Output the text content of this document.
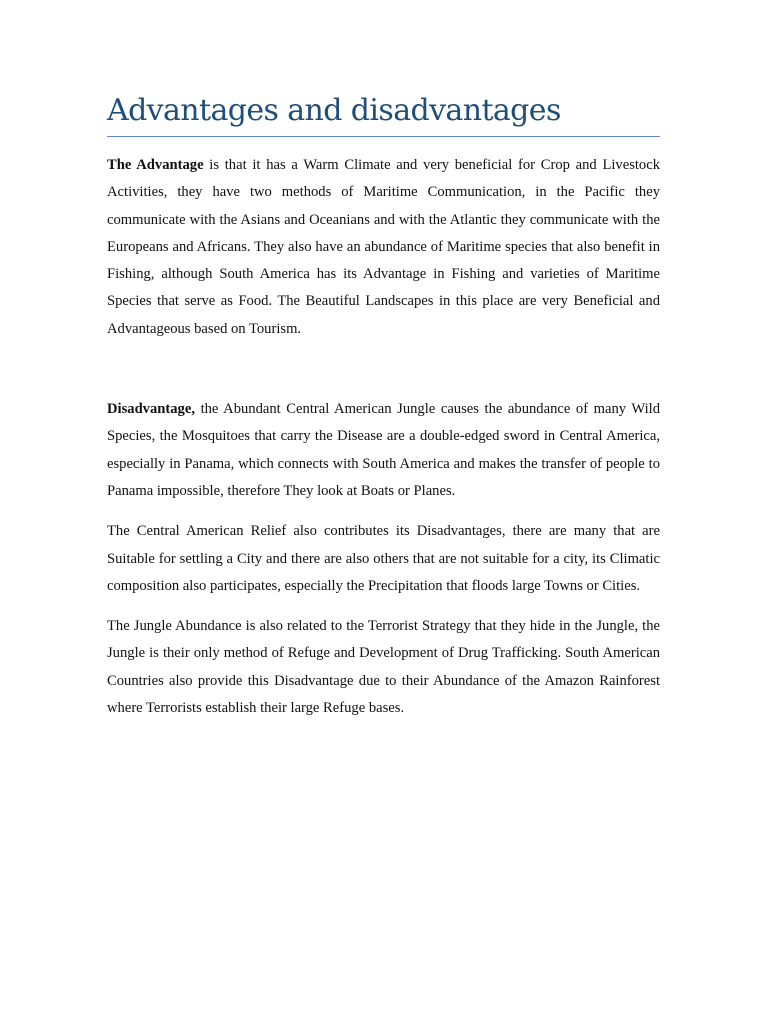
Advantages and disadvantages

The Advantage is that it has a Warm Climate and very beneficial for Crop and Livestock Activities, they have two methods of Maritime Communication, in the Pacific they communicate with the Asians and Oceanians and with the Atlantic they communicate with the Europeans and Africans. They also have an abundance of Maritime species that also benefit in Fishing, although South America has its Advantage in Fishing and varieties of Maritime Species that serve as Food. The Beautiful Landscapes in this place are very Beneficial and Advantageous based on Tourism.

Disadvantage, the Abundant Central American Jungle causes the abundance of many Wild Species, the Mosquitoes that carry the Disease are a double-edged sword in Central America, especially in Panama, which connects with South America and makes the transfer of people to Panama impossible, therefore They look at Boats or Planes.

The Central American Relief also contributes its Disadvantages, there are many that are Suitable for settling a City and there are also others that are not suitable for a city, its Climatic composition also participates, especially the Precipitation that floods large Towns or Cities.

The Jungle Abundance is also related to the Terrorist Strategy that they hide in the Jungle, the Jungle is their only method of Refuge and Development of Drug Trafficking. South American Countries also provide this Disadvantage due to their Abundance of the Amazon Rainforest where Terrorists establish their large Refuge bases.
